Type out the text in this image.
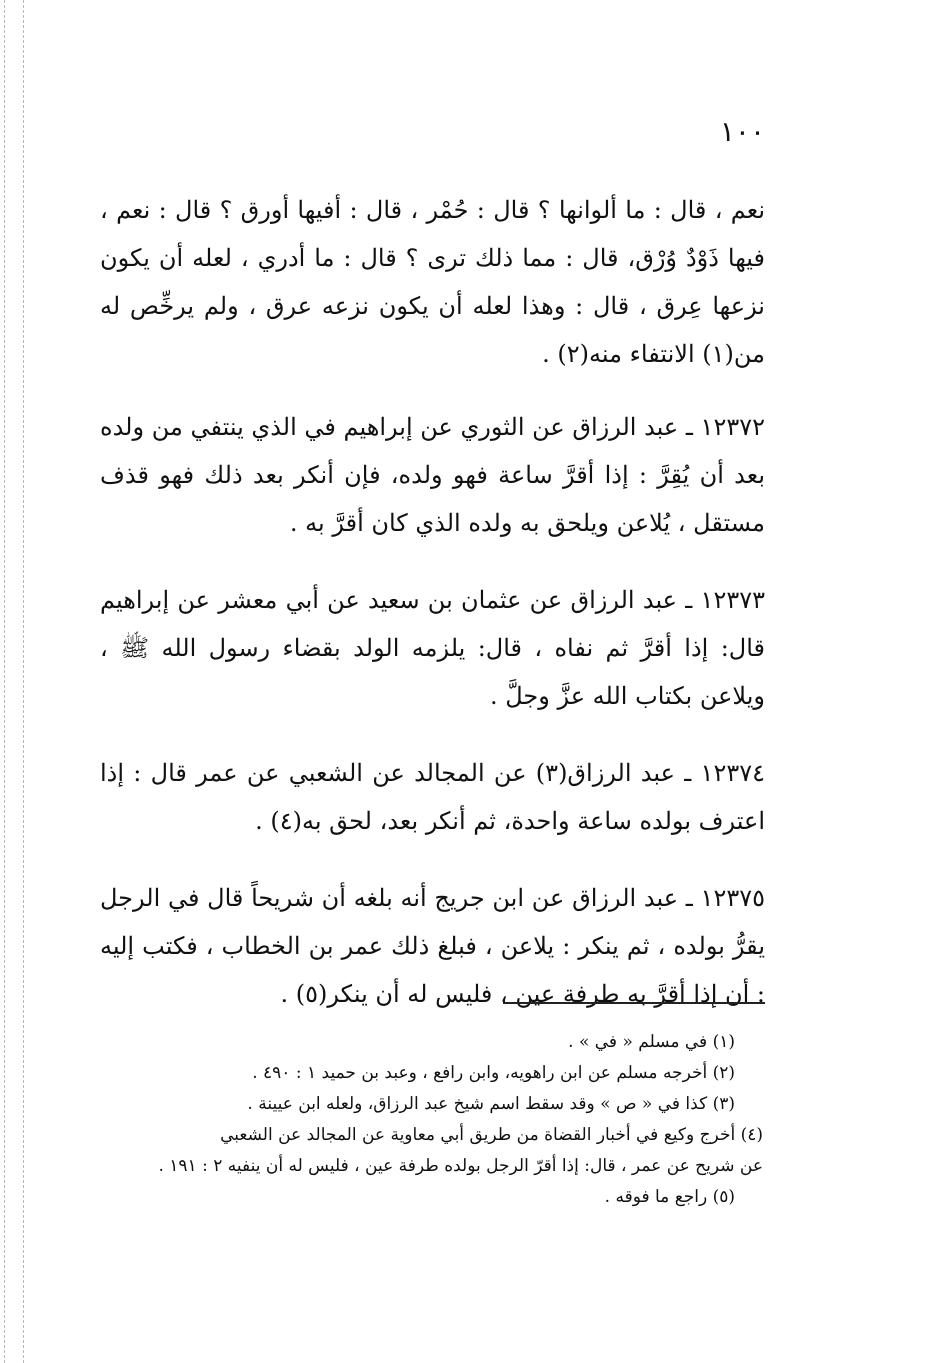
١٠٠

نعم ، قال : ما ألوانها ؟ قال : حُمْر ، قال : أفيها أورق ؟ قال : نعم ، فيها ذَوْدٌ وُرْق، قال : مما ذلك ترى ؟ قال : ما أدري ، لعله أن يكون نزعها عِرق ، قال : وهذا لعله أن يكون نزعه عرق ، ولم يرخِّص له من(١) الانتفاء منه(٢) .

١٢٣٧٢ ـ عبد الرزاق عن الثوري عن إبراهيم في الذي ينتفي من ولده بعد أن يُقِرَّ : إذا أقرَّ ساعة فهو ولده، فإن أنكر بعد ذلك فهو قذف مستقل ، يُلاعن ويلحق به ولده الذي كان أقرَّ به .

١٢٣٧٣ ـ عبد الرزاق عن عثمان بن سعيد عن أبي معشر عن إبراهيم قال: إذا أقرَّ ثم نفاه ، قال: يلزمه الولد بقضاء رسول الله ﷺ ، ويلاعن بكتاب الله عزَّ وجلَّ .

١٢٣٧٤ ـ عبد الرزاق(٣) عن المجالد عن الشعبي عن عمر قال : إذا اعترف بولده ساعة واحدة، ثم أنكر بعد، لحق به(٤) .

١٢٣٧٥ ـ عبد الرزاق عن ابن جريج أنه بلغه أن شريحاً قال في الرجل يقرُّ بولده ، ثم ينكر : يلاعن ، فبلغ ذلك عمر بن الخطاب ، فكتب إليه : أن إذا أقرَّ به طرفة عين ، فليس له أن ينكر(٥) .

(١) في مسلم « في » .

(٢) أخرجه مسلم عن ابن راهويه، وابن رافع ، وعبد بن حميد ١ : ٤٩٠ .

(٣) كذا في « ص » وقد سقط اسم شيخ عبد الرزاق، ولعله ابن عيينة .

(٤) أخرج وكيع في أخبار القضاة من طريق أبي معاوية عن المجالد عن الشعبي

عن شريح عن عمر ، قال: إذا أقرّ الرجل بولده طرفة عين ، فليس له أن ينفيه ٢ : ١٩١ .

(٥) راجع ما فوقه .
